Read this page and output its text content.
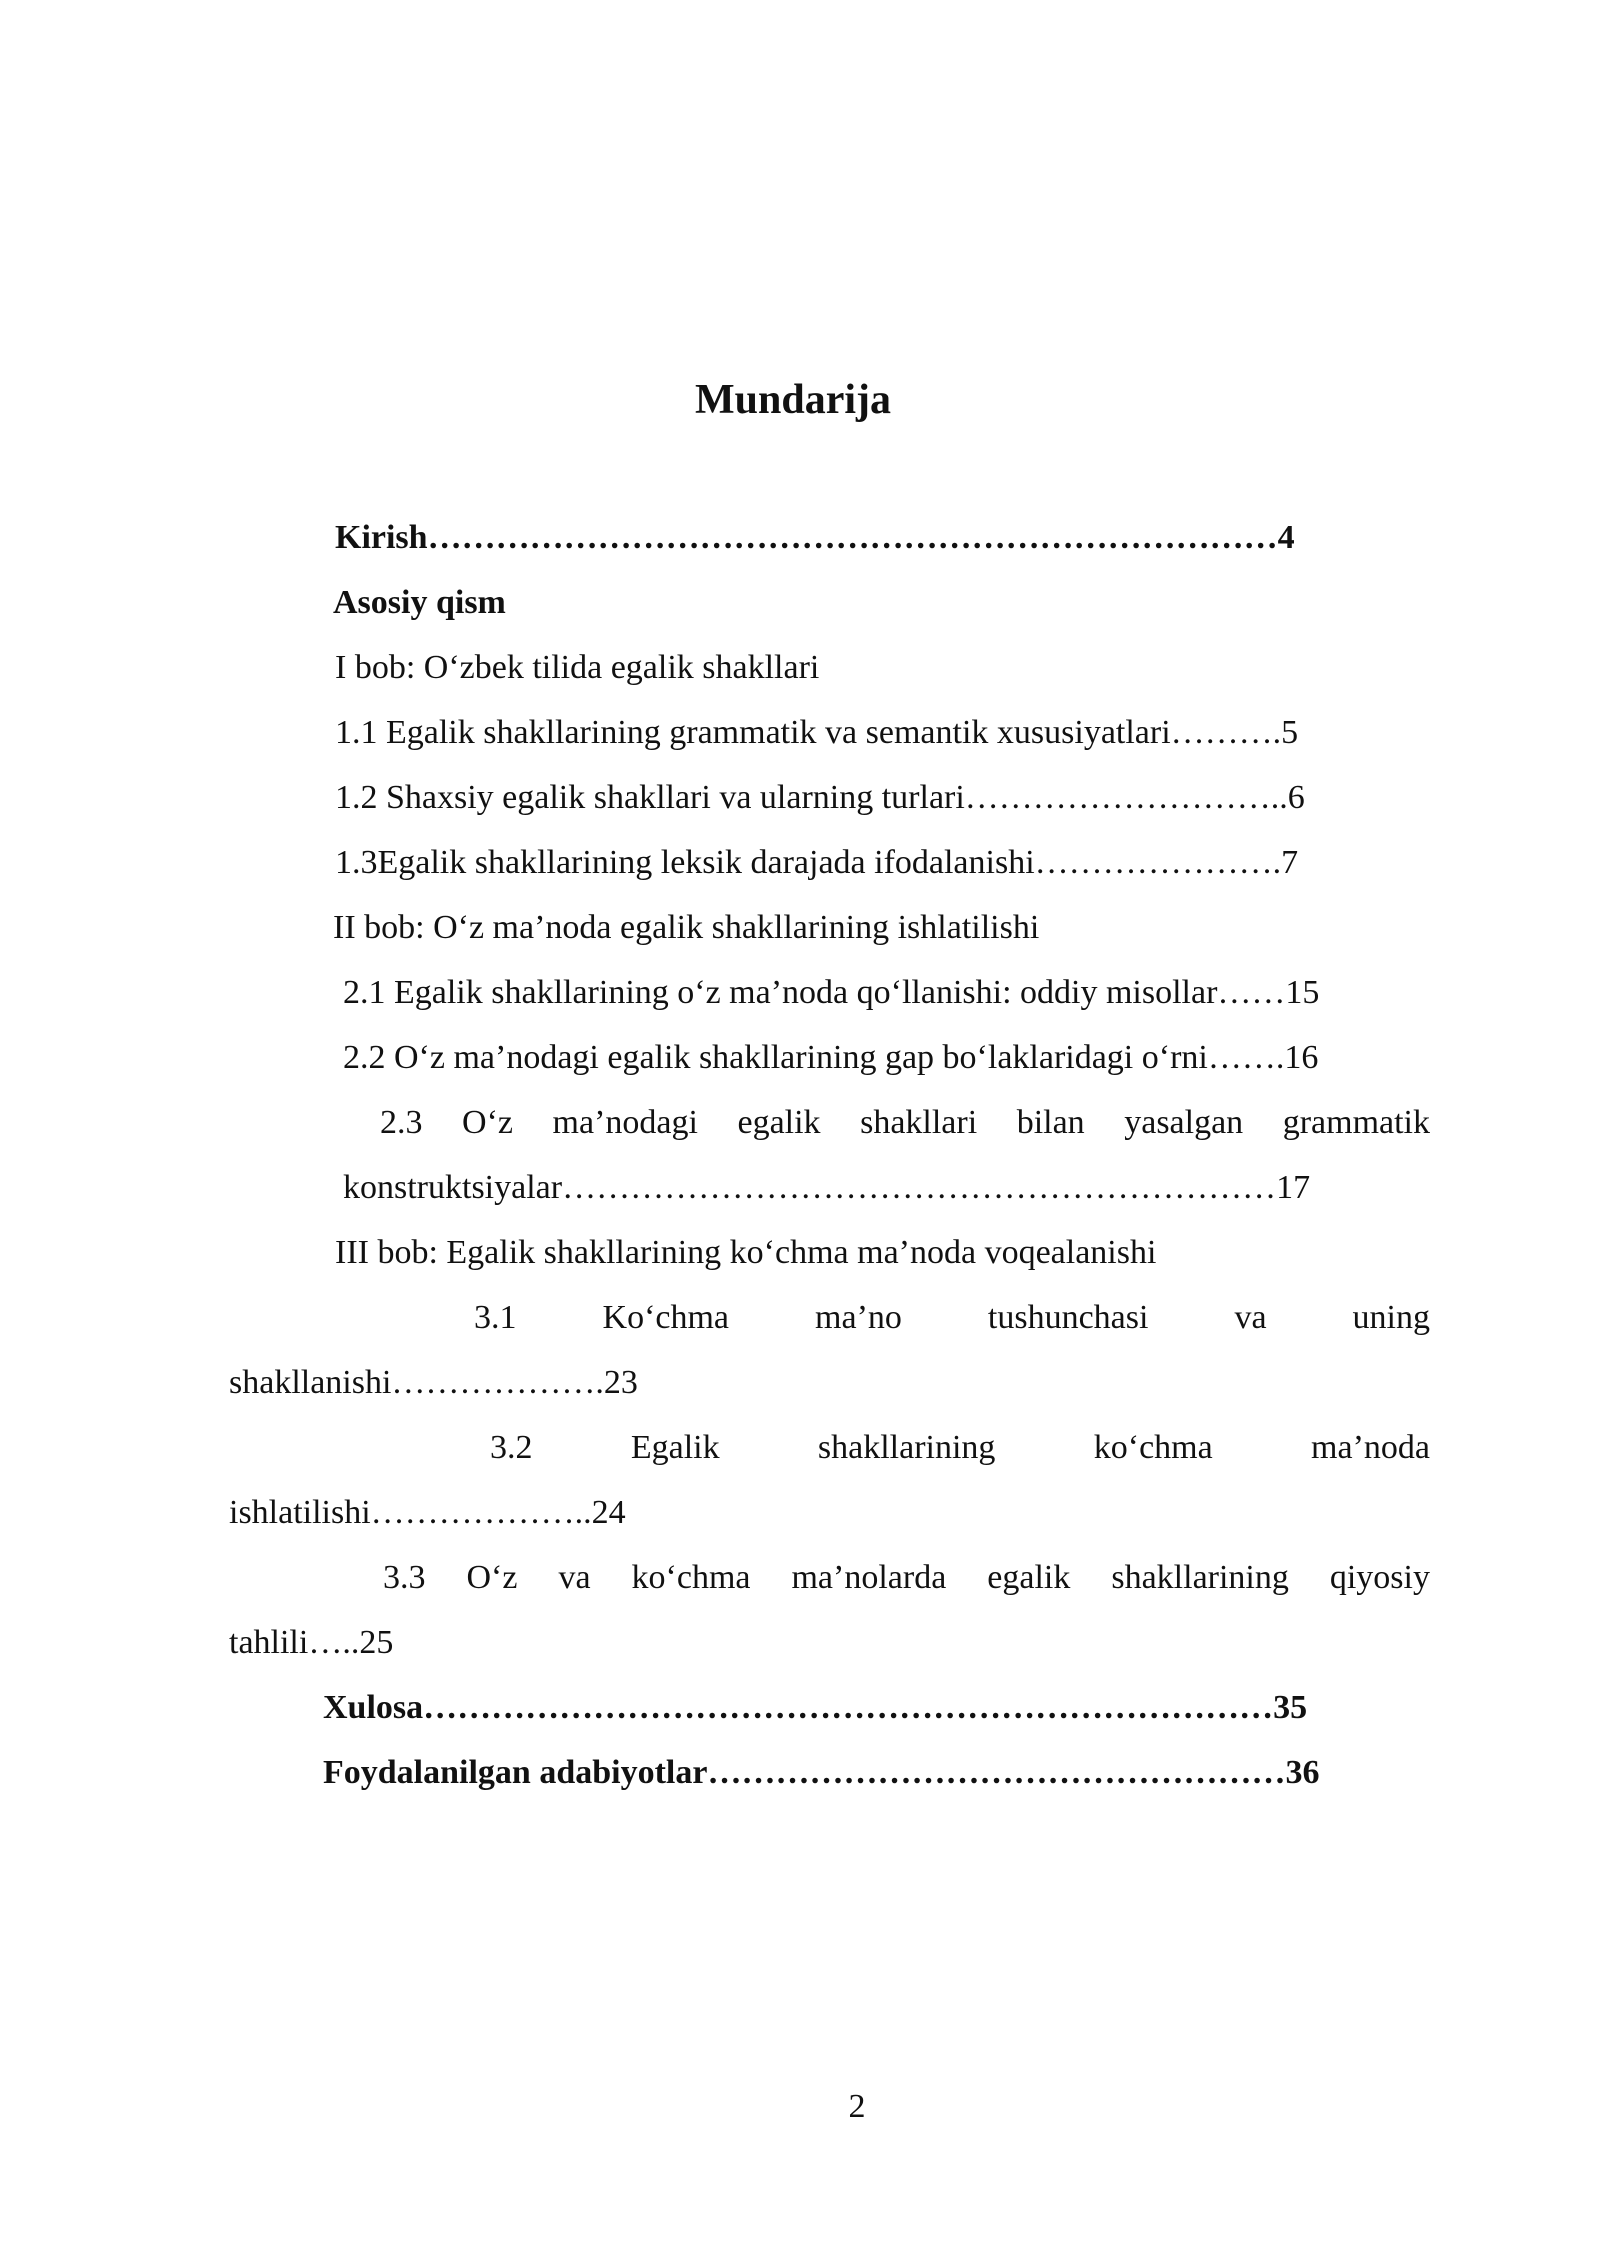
Mundarija
Kirish…………………………………………………………………4
Asosiy qism
I bob: O‘zbek tilida egalik shakllari
1.1 Egalik shakllarining grammatik va semantik xususiyatlari……….5
1.2 Shaxsiy egalik shakllari va ularning turlari………………………..6
1.3Egalik shakllarining leksik darajada ifodalanishi………………….7
II bob: O‘z ma’noda egalik shakllarining ishlatilishi
2.1 Egalik shakllarining o‘z ma’noda qo‘llanishi: oddiy misollar……15
2.2 O‘z ma’nodagi egalik shakllarining gap bo‘laklaridagi o‘rni…….16
2.3 O‘z ma’nodagi egalik shakllari bilan yasalgan grammatik
konstruktsiyalar………………………………………………………17
III bob: Egalik shakllarining ko‘chma ma’noda voqealanishi
3.1 Ko‘chma ma’no tushunchasi va uning
shakllanishi……………….23
3.2 Egalik shakllarining ko‘chma ma’noda
ishlatilishi………………..24
3.3 O‘z va ko‘chma ma’nolarda egalik shakllarining qiyosiy
tahlili…..25
Xulosa…………………………………………………………………35
Foydalanilgan adabiyotlar……………………………………………36
2
